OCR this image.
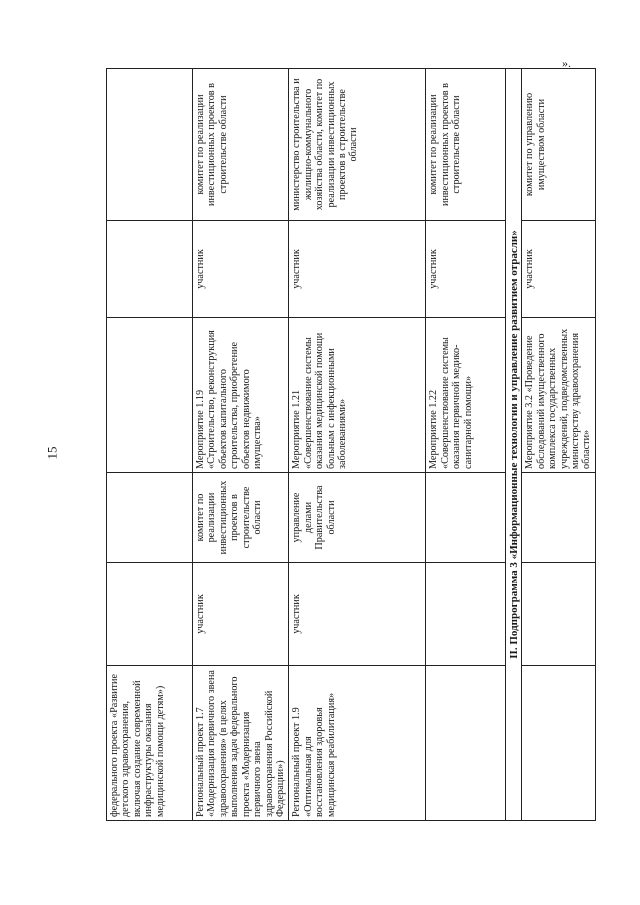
15
».
федерального проекта «Развитие детского здравоохранения, включая создание современной инфраструктуры оказания медицинской помощи детям»)					
Региональный проект 1.7 «Модернизация первичного звена здравоохранения» (в целях выполнения задач федерального проекта «Модернизация первичного звена здравоохранения Российской Федерации»)	участник	комитет по реализации инвестиционных проектов в строительстве области	Мероприятие 1.19 «Строительство, реконструкция объектов капитального строительства, приобретение объектов недвижимого имущества»	участник	комитет по реализации инвестиционных проектов в строительстве области
Региональный проект 1.9 «Оптимальная для восстановления здоровья медицинская реабилитация»	участник	управление делами Правительства области	Мероприятие 1.21 «Совершенствование системы оказания медицинской помощи больным с инфекционными заболеваниями»	участник	министерство строительства и жилищно-коммунального хозяйства области, комитет по реализации инвестиционных проектов в строительстве области
			Мероприятие 1.22 «Совершенствование системы оказания первичной медико-санитарной помощи»	участник	комитет по реализации инвестиционных проектов в строительстве области
II. Подпрограмма 3 «Информационные технологии и управление развитием отрасли»					
			Мероприятие 3.2 «Проведение обследований имущественного комплекса государственных учреждений, подведомственных министерству здравоохранения области»	участник	комитет по управлению имуществом области
